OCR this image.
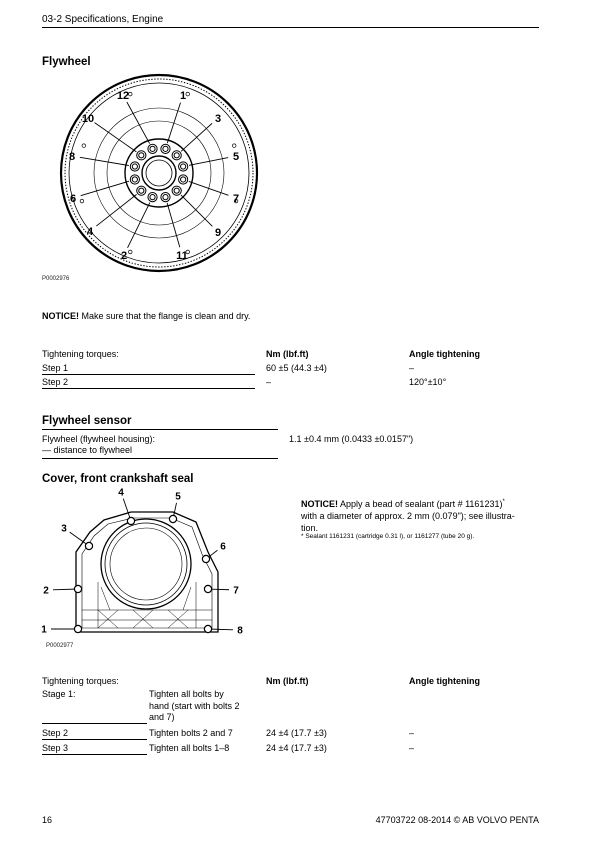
03-2 Specifications, Engine
Flywheel
12	1
10	3
8	5
6	7
4	9
2	11
P0002976
NOTICE! Make sure that the flange is clean and dry.
Tightening torques:	Nm (lbf.ft)	Angle tightening
Step 1	60 ±5 (44.3 ±4)	–
Step 2	–	120°±10°
Flywheel sensor
Flywheel (flywheel housing):
— distance to flywheel
1.1 ±0.4 mm (0.0433 ±0.0157")
Cover, front crankshaft seal
4	5
3
6
2	7
1	8
P0002977
NOTICE! Apply a bead of sealant (part # 1161231)*
with a diameter of approx. 2 mm (0.079"); see illustra-
tion.
* Sealant 1161231 (cartridge 0.31 l), or 1161277 (tube 20 g).
Tightening torques:	Nm (lbf.ft)	Angle tightening
Stage 1:	Tighten all bolts by
hand (start with bolts 2
and 7)
Step 2	Tighten bolts 2 and 7	24 ±4 (17.7 ±3)	–
Step 3	Tighten all bolts 1–8	24 ±4 (17.7 ±3)	–
16	47703722 08-2014 © AB VOLVO PENTA
